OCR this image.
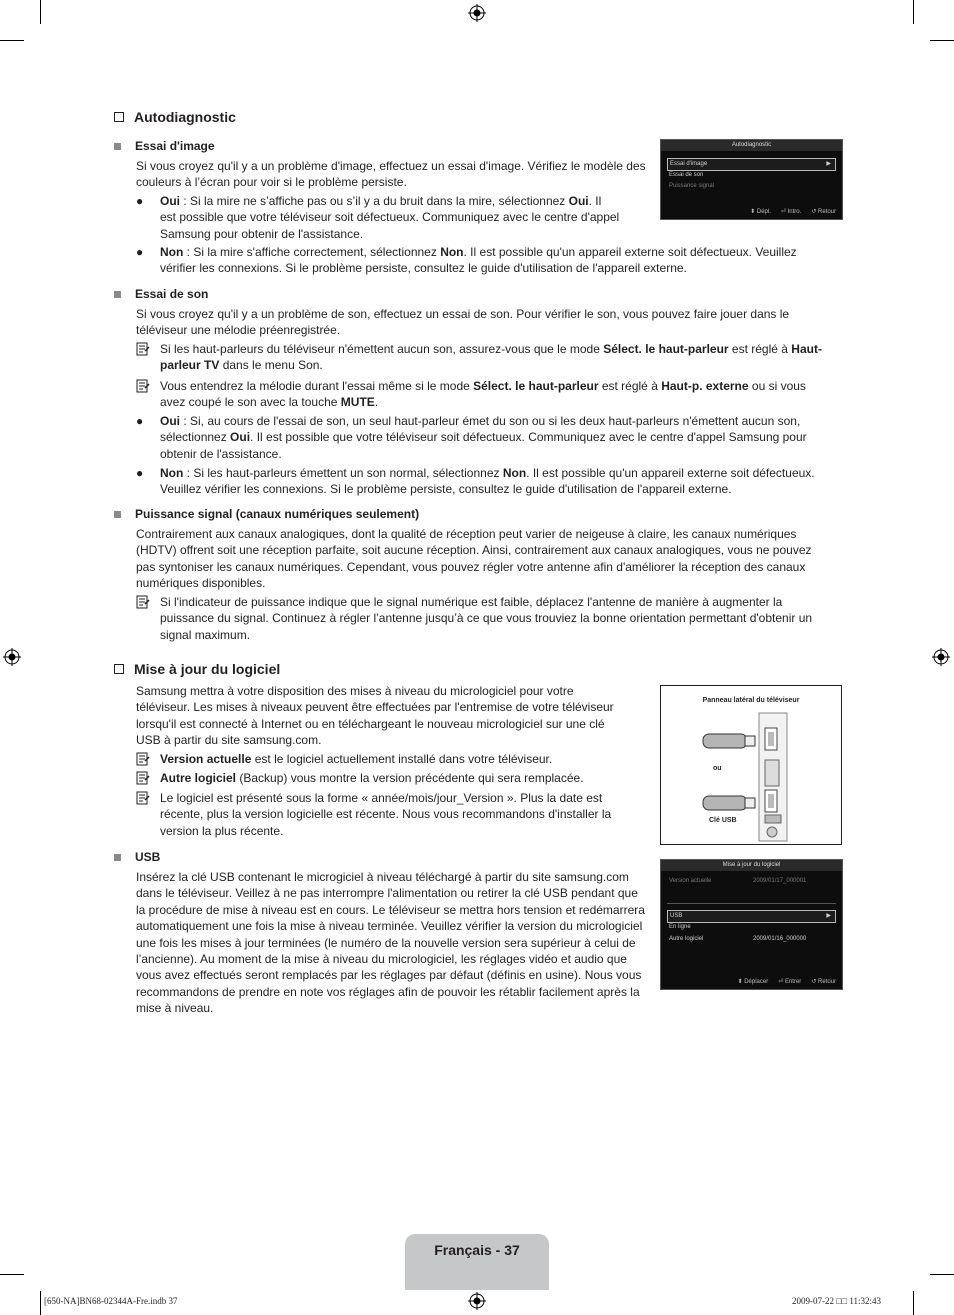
Autodiagnostic
Essai d'image
Si vous croyez qu'il y a un problème d'image, effectuez un essai d'image. Vérifiez le modèle des
couleurs à l’écran pour voir si le problème persiste.
●	Oui : Si la mire ne s’affiche pas ou s’il y a du bruit dans la mire, sélectionnez Oui. Il
est possible que votre téléviseur soit défectueux. Communiquez avec le centre d'appel
Samsung pour obtenir de l'assistance.
●	Non : Si la mire s'affiche correctement, sélectionnez Non. Il est possible qu'un appareil externe soit défectueux. Veuillez
vérifier les connexions. Si le problème persiste, consultez le guide d'utilisation de l'appareil externe.
Autodiagnostic
Essai d'image	▶
Essai de son
Puissance signal
⬍ Dépl. ⏎ Intro. ↺ Retour
Essai de son
Si vous croyez qu'il y a un problème de son, effectuez un essai de son. Pour vérifier le son, vous pouvez faire jouer dans le
téléviseur une mélodie préenregistrée.
Si les haut-parleurs du téléviseur n'émettent aucun son, assurez-vous que le mode Sélect. le haut-parleur est réglé à Haut-
parleur TV dans le menu Son.
Vous entendrez la mélodie durant l'essai même si le mode Sélect. le haut-parleur est réglé à Haut-p. externe ou si vous
avez coupé le son avec la touche MUTE.
●	Oui : Si, au cours de l'essai de son, un seul haut-parleur émet du son ou si les deux haut-parleurs n'émettent aucun son,
sélectionnez Oui. Il est possible que votre téléviseur soit défectueux. Communiquez avec le centre d'appel Samsung pour
obtenir de l'assistance.
●	Non : Si les haut-parleurs émettent un son normal, sélectionnez Non. Il est possible qu'un appareil externe soit défectueux.
Veuillez vérifier les connexions. Si le problème persiste, consultez le guide d'utilisation de l'appareil externe.
Puissance signal (canaux numériques seulement)
Contrairement aux canaux analogiques, dont la qualité de réception peut varier de neigeuse à claire, les canaux numériques
(HDTV) offrent soit une réception parfaite, soit aucune réception. Ainsi, contrairement aux canaux analogiques, vous ne pouvez
pas syntoniser les canaux numériques. Cependant, vous pouvez régler votre antenne afin d'améliorer la réception des canaux
numériques disponibles.
Si l'indicateur de puissance indique que le signal numérique est faible, déplacez l'antenne de manière à augmenter la
puissance du signal. Continuez à régler l’antenne jusqu’à ce que vous trouviez la bonne orientation permettant d'obtenir un
signal maximum.
Mise à jour du logiciel
Samsung mettra à votre disposition des mises à niveau du micrologiciel pour votre
téléviseur. Les mises à niveaux peuvent être effectuées par l'entremise de votre téléviseur
lorsqu'il est connecté à Internet ou en téléchargeant le nouveau micrologiciel sur une clé
USB à partir du site samsung.com.
Version actuelle est le logiciel actuellement installé dans votre téléviseur.
Autre logiciel (Backup) vous montre la version précédente qui sera remplacée.
Le logiciel est présenté sous la forme « année/mois/jour_Version ». Plus la date est
récente, plus la version logicielle est récente. Nous vous recommandons d'installer la
version la plus récente.
Panneau latéral du téléviseur
ou
Clé USB
USB
Insérez la clé USB contenant le microgiciel à niveau téléchargé à partir du site samsung.com
dans le téléviseur. Veillez à ne pas interrompre l'alimentation ou retirer la clé USB pendant que
la procédure de mise à niveau est en cours. Le téléviseur se mettra hors tension et redémarrera
automatiquement une fois la mise à niveau terminée. Veuillez vérifier la version du micrologiciel
une fois les mises à jour terminées (le numéro de la nouvelle version sera supérieur à celui de
l’ancienne). Au moment de la mise à niveau du micrologiciel, les réglages vidéo et audio que
vous avez effectués seront remplacés par les réglages par défaut (définis en usine). Nous vous
recommandons de prendre en note vos réglages afin de pouvoir les rétablir facilement après la
mise à niveau.
Mise à jour du logiciel
Version actuelle	2009/01/17_000001
USB	▶
En ligne
Autre logiciel	2009/01/16_000000
⬍ Déplacer ⏎ Entrer ↺ Retour
Français - 37
[650-NA]BN68-02344A-Fre.indb 37	2009-07-22 □□ 11:32:43
